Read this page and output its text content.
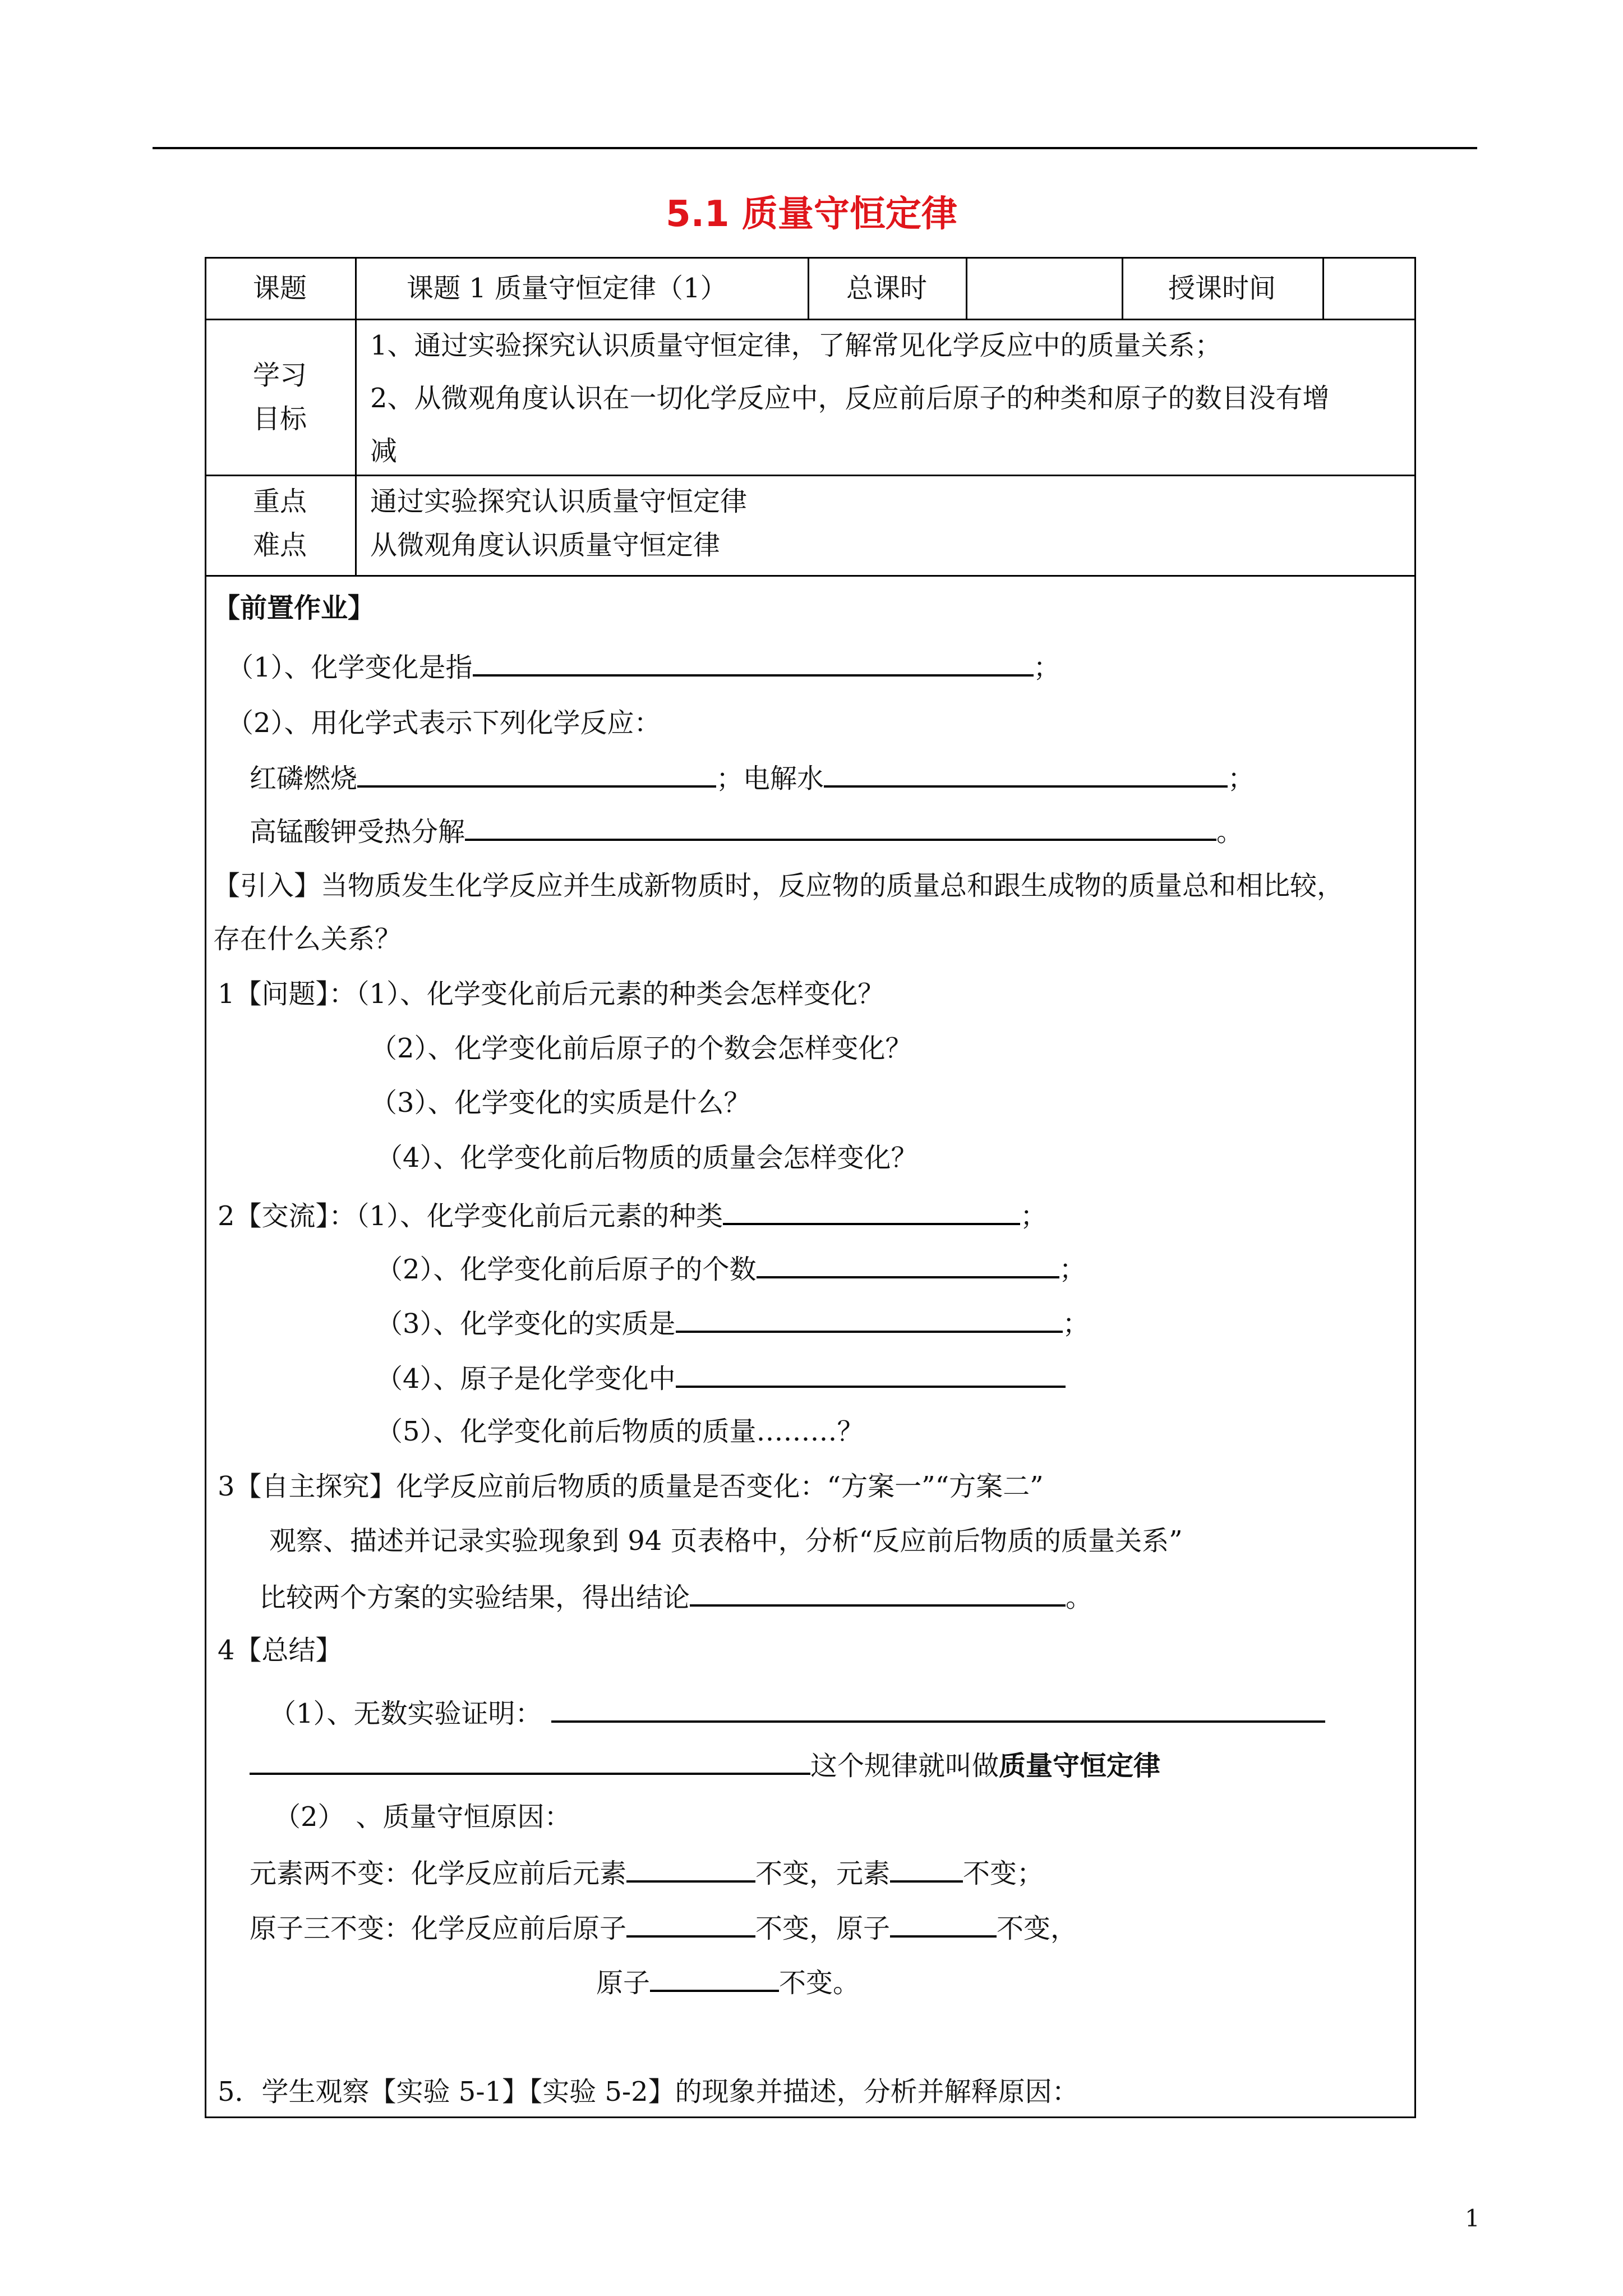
5.1 质量守恒定律
课题	课题 1 质量守恒定律（1）	总课时	授课时间
学习
目标
1、通过实验探究认识质量守恒定律，了解常见化学反应中的质量关系；
2、从微观角度认识在一切化学反应中，反应前后原子的种类和原子的数目没有增
减
重点
难点
通过实验探究认识质量守恒定律
从微观角度认识质量守恒定律
【前置作业】
（1）、化学变化是指	；
（2）、用化学式表示下列化学反应：
红磷燃烧	；电解水	；
高锰酸钾受热分解	。
【引入】当物质发生化学反应并生成新物质时，反应物的质量总和跟生成物的质量总和相比较，
存在什么关系？
1【问题】：（1）、化学变化前后元素的种类会怎样变化？
（2）、化学变化前后原子的个数会怎样变化？
（3）、化学变化的实质是什么？
（4）、化学变化前后物质的质量会怎样变化？
2【交流】：（1）、化学变化前后元素的种类	；
（2）、化学变化前后原子的个数	；
（3）、化学变化的实质是	；
（4）、原子是化学变化中
（5）、化学变化前后物质的质量………？
3【自主探究】化学反应前后物质的质量是否变化：“方案一”“方案二”
观察、描述并记录实验现象到 94 页表格中，分析“反应前后物质的质量关系”
比较两个方案的实验结果，得出结论	。
4【总结】
（1）、无数实验证明：
这个规律就叫做质量守恒定律
（2） 、质量守恒原因：
元素两不变：化学反应前后元素	不变，元素	不变；
原子三不变：化学反应前后原子	不变，原子	不变，
原子	不变。
5．学生观察【实验 5-1】【实验 5-2】的现象并描述，分析并解释原因：
1
